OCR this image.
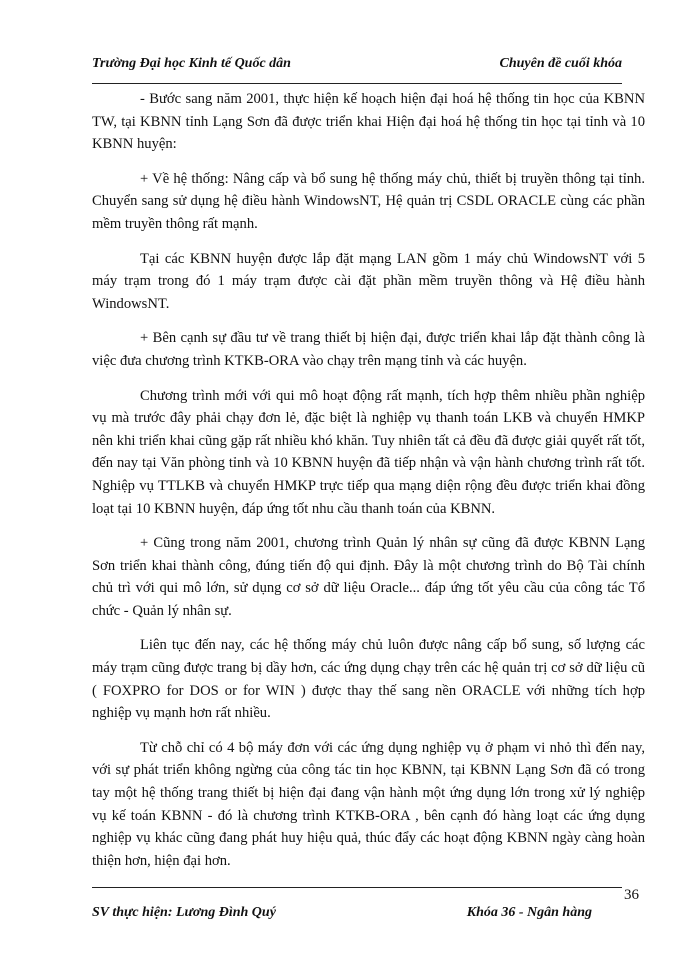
Trường Đại học Kinh tế Quốc dân	Chuyên đề cuối khóa

- Bước sang năm 2001, thực hiện kế hoạch hiện đại hoá hệ thống tin học của KBNN TW, tại KBNN tỉnh Lạng Sơn đã được triển khai Hiện đại hoá hệ thống tin học tại tỉnh và 10 KBNN huyện:

+ Về hệ thống: Nâng cấp và bổ sung hệ thống máy chủ, thiết bị truyền thông tại tỉnh. Chuyển sang sử dụng hệ điều hành WindowsNT, Hệ quản trị CSDL ORACLE cùng các phần mềm truyền thông rất mạnh.

Tại các KBNN huyện được lắp đặt mạng LAN gồm 1 máy chủ WindowsNT với 5 máy trạm trong đó 1 máy trạm được cài đặt phần mềm truyền thông và Hệ điều hành WindowsNT.

+ Bên cạnh sự đầu tư về trang thiết bị hiện đại, được triển khai lắp đặt thành công là việc đưa chương trình KTKB-ORA vào chạy trên mạng tỉnh và các huyện.

Chương trình mới với qui mô hoạt động rất mạnh, tích hợp thêm nhiều phần nghiệp vụ mà trước đây phải chạy đơn lẻ, đặc biệt là nghiệp vụ thanh toán LKB và chuyển HMKP nên khi triển khai cũng gặp rất nhiều khó khăn. Tuy nhiên tất cả đều đã được giải quyết rất tốt, đến nay tại Văn phòng tỉnh và 10 KBNN huyện đã tiếp nhận và vận hành chương trình rất tốt. Nghiệp vụ TTLKB và chuyển HMKP trực tiếp qua mạng diện rộng đều được triển khai đồng loạt tại 10 KBNN huyện, đáp ứng tốt nhu cầu thanh toán của KBNN.

+ Cũng trong năm 2001, chương trình Quản lý nhân sự cũng đã được KBNN Lạng Sơn triển khai thành công, đúng tiến độ qui định. Đây là một chương trình do Bộ Tài chính chủ trì với qui mô lớn, sử dụng cơ sở dữ liệu Oracle... đáp ứng tốt yêu cầu của công tác Tổ chức - Quản lý nhân sự.

Liên tục đến nay, các hệ thống máy chủ luôn được nâng cấp bổ sung, số lượng các máy trạm cũng được trang bị dầy hơn, các ứng dụng chạy trên các hệ quản trị cơ sở dữ liệu cũ ( FOXPRO for DOS or for WIN ) được thay thế sang nền ORACLE với những tích hợp nghiệp vụ mạnh hơn rất nhiều.

Từ chỗ chỉ có 4 bộ máy đơn với các ứng dụng nghiệp vụ ở phạm vi nhỏ thì đến nay, với sự phát triển không ngừng của công tác tin học KBNN, tại KBNN Lạng Sơn đã có trong tay một hệ thống trang thiết bị hiện đại đang vận hành một ứng dụng lớn trong xử lý nghiệp vụ kế toán KBNN - đó là chương trình KTKB-ORA , bên cạnh đó hàng loạt các ứng dụng nghiệp vụ khác cũng đang phát huy hiệu quả, thúc đẩy các hoạt động KBNN ngày càng hoàn thiện hơn, hiện đại hơn.

36
SV thực hiện: Lương Đình Quý	Khóa 36 - Ngân hàng
